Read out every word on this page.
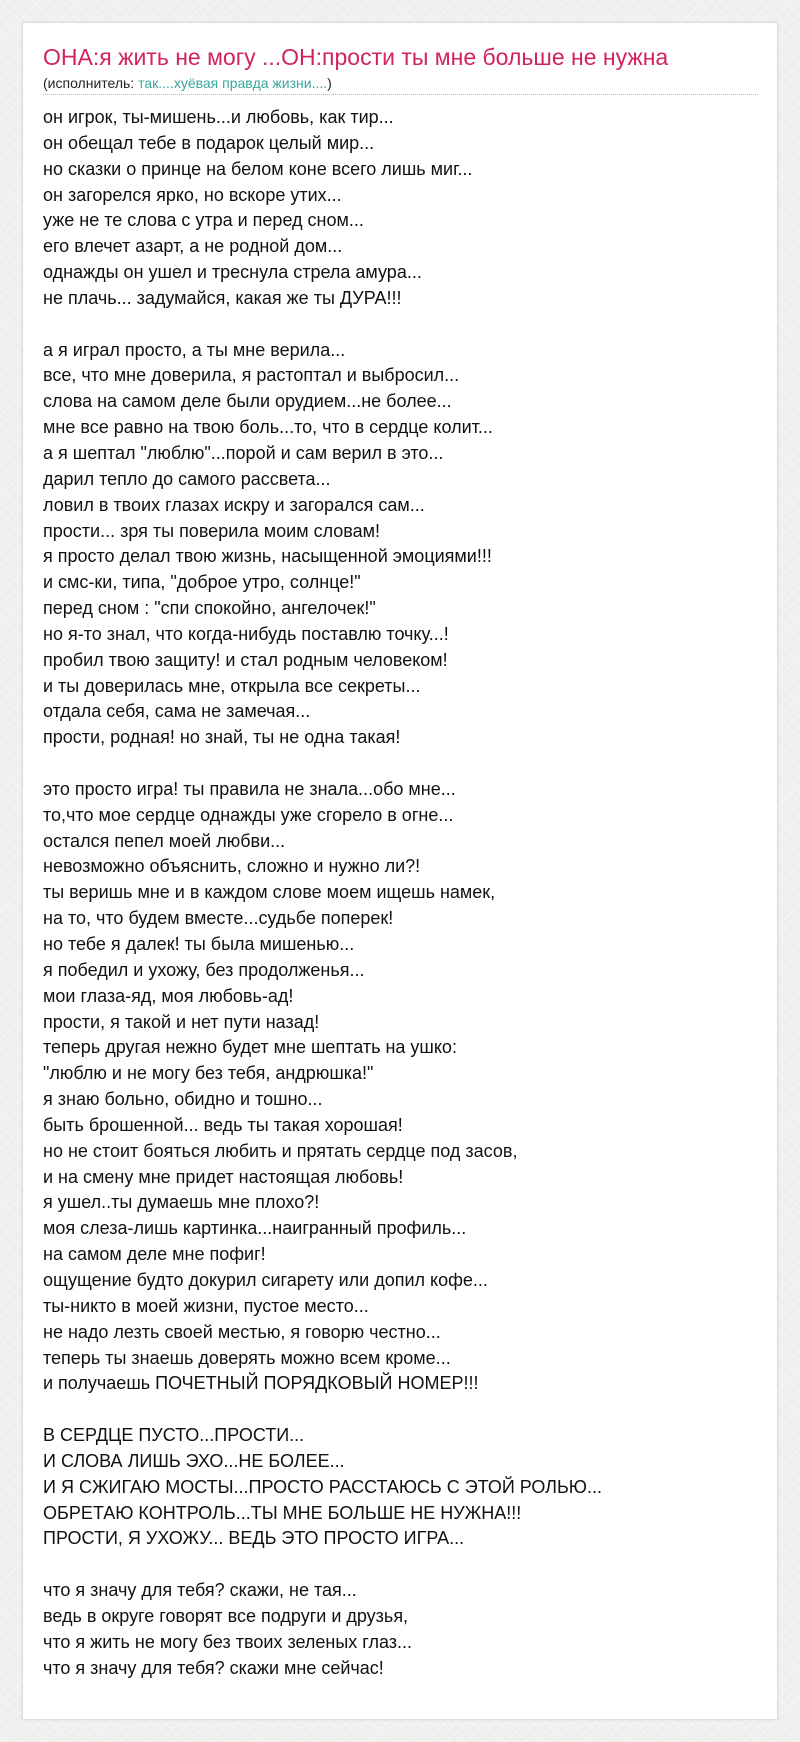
ОНА:я жить не могу ...ОН:прости ты мне больше не нужна
(исполнитель: так....хуёвая правда жизни....)
он игрок, ты-мишень...и любовь, как тир...
он обещал тебе в подарок целый мир...
но сказки о принце на белом коне всего лишь миг...
он загорелся ярко, но вскоре утих...
уже не те слова с утра и перед сном...
его влечет азарт, а не родной дом...
однажды он ушел и треснула стрела амура...
не плачь... задумайся, какая же ты ДУРА!!!
а я играл просто, а ты мне верила...
все, что мне доверила, я растоптал и выбросил...
слова на самом деле были орудием...не более...
мне все равно на твою боль...то, что в сердце колит...
а я шептал "люблю"...порой и сам верил в это...
дарил тепло до самого рассвета...
ловил в твоих глазах искру и загорался сам...
прости... зря ты поверила моим словам!
я просто делал твою жизнь, насыщенной эмоциями!!!
и смс-ки, типа, "доброе утро, солнце!"
перед сном : "спи спокойно, ангелочек!"
но я-то знал, что когда-нибудь поставлю точку...!
пробил твою защиту! и стал родным человеком!
и ты доверилась мне, открыла все секреты...
отдала себя, сама не замечая...
прости, родная! но знай, ты не одна такая!
это просто игра! ты правила не знала...обо мне...
то,что мое сердце однажды уже сгорело в огне...
остался пепел моей любви...
невозможно объяснить, сложно и нужно ли?!
ты веришь мне и в каждом слове моем ищешь намек,
на то, что будем вместе...судьбе поперек!
но тебе я далек! ты была мишенью...
я победил и ухожу, без продолженья...
мои глаза-яд, моя любовь-ад!
прости, я такой и нет пути назад!
теперь другая нежно будет мне шептать на ушко:
"люблю и не могу без тебя, андрюшка!"
я знаю больно, обидно и тошно...
быть брошенной... ведь ты такая хорошая!
но не стоит бояться любить и прятать сердце под засов,
и на смену мне придет настоящая любовь!
я ушел..ты думаешь мне плохо?!
моя слеза-лишь картинка...наигранный профиль...
на самом деле мне пофиг!
ощущение будто докурил сигарету или допил кофе...
ты-никто в моей жизни, пустое место...
не надо лезть своей местью, я говорю честно...
теперь ты знаешь доверять можно всем кроме...
и получаешь ПОЧЕТНЫЙ ПОРЯДКОВЫЙ НОМЕР!!!
В СЕРДЦЕ ПУСТО...ПРОСТИ...
И СЛОВА ЛИШЬ ЭХО...НЕ БОЛЕЕ...
И Я СЖИГАЮ МОСТЫ...ПРОСТО РАССТАЮСЬ С ЭТОЙ РОЛЬЮ...
ОБРЕТАЮ КОНТРОЛЬ...ТЫ МНЕ БОЛЬШЕ НЕ НУЖНА!!!
ПРОСТИ, Я УХОЖУ... ВЕДЬ ЭТО ПРОСТО ИГРА...
что я значу для тебя? скажи, не тая...
ведь в округе говорят все подруги и друзья,
что я жить не могу без твоих зеленых глаз...
что я значу для тебя? скажи мне сейчас!
